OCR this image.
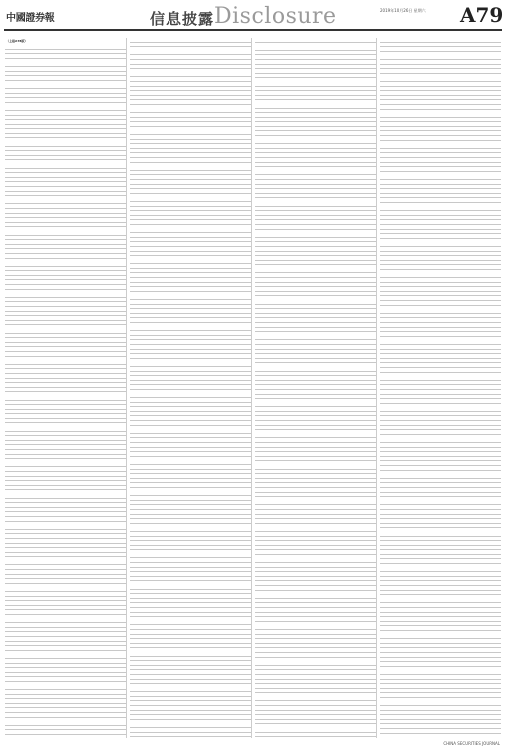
中國證券報	信息披露 Disclosure	2019年10月26日 星期六 A79
（上接A78版）

CHINA SECURITIES JOURNAL
